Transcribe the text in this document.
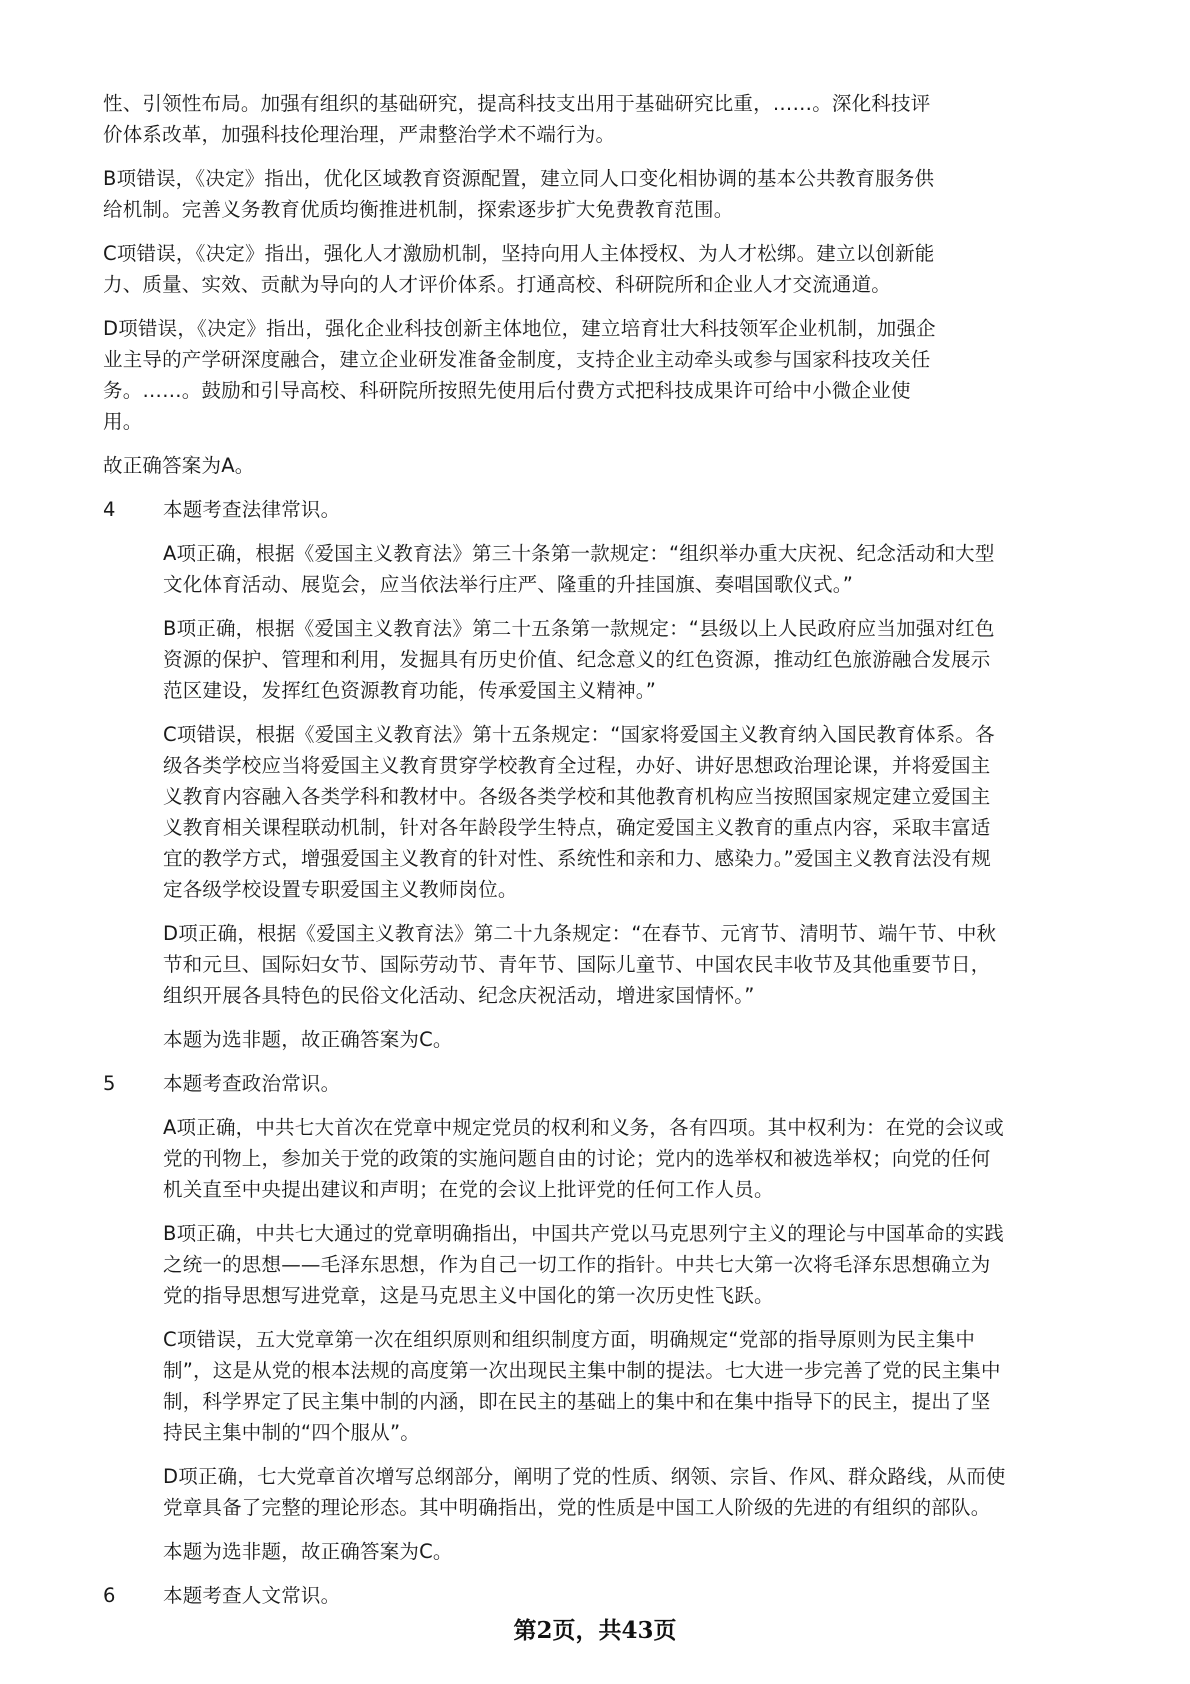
性、引领性布局。加强有组织的基础研究，提高科技支出用于基础研究比重，……。深化科技评
价体系改革，加强科技伦理治理，严肃整治学术不端行为。

B项错误，《决定》指出，优化区域教育资源配置，建立同人口变化相协调的基本公共教育服务供
给机制。完善义务教育优质均衡推进机制，探索逐步扩大免费教育范围。

C项错误，《决定》指出，强化人才激励机制，坚持向用人主体授权、为人才松绑。建立以创新能
力、质量、实效、贡献为导向的人才评价体系。打通高校、科研院所和企业人才交流通道。

D项错误，《决定》指出，强化企业科技创新主体地位，建立培育壮大科技领军企业机制，加强企
业主导的产学研深度融合，建立企业研发准备金制度，支持企业主动牵头或参与国家科技攻关任
务。……。鼓励和引导高校、科研院所按照先使用后付费方式把科技成果许可给中小微企业使
用。

故正确答案为A。

4	本题考查法律常识。

A项正确，根据《爱国主义教育法》第三十条第一款规定：“组织举办重大庆祝、纪念活动和大型
文化体育活动、展览会，应当依法举行庄严、隆重的升挂国旗、奏唱国歌仪式。”

B项正确，根据《爱国主义教育法》第二十五条第一款规定：“县级以上人民政府应当加强对红色
资源的保护、管理和利用，发掘具有历史价值、纪念意义的红色资源，推动红色旅游融合发展示
范区建设，发挥红色资源教育功能，传承爱国主义精神。”

C项错误，根据《爱国主义教育法》第十五条规定：“国家将爱国主义教育纳入国民教育体系。各
级各类学校应当将爱国主义教育贯穿学校教育全过程，办好、讲好思想政治理论课，并将爱国主
义教育内容融入各类学科和教材中。各级各类学校和其他教育机构应当按照国家规定建立爱国主
义教育相关课程联动机制，针对各年龄段学生特点，确定爱国主义教育的重点内容，采取丰富适
宜的教学方式，增强爱国主义教育的针对性、系统性和亲和力、感染力。”爱国主义教育法没有规
定各级学校设置专职爱国主义教师岗位。

D项正确，根据《爱国主义教育法》第二十九条规定：“在春节、元宵节、清明节、端午节、中秋
节和元旦、国际妇女节、国际劳动节、青年节、国际儿童节、中国农民丰收节及其他重要节日，
组织开展各具特色的民俗文化活动、纪念庆祝活动，增进家国情怀。”

本题为选非题，故正确答案为C。

5	本题考查政治常识。

A项正确，中共七大首次在党章中规定党员的权利和义务，各有四项。其中权利为：在党的会议或
党的刊物上，参加关于党的政策的实施问题自由的讨论；党内的选举权和被选举权；向党的任何
机关直至中央提出建议和声明；在党的会议上批评党的任何工作人员。

B项正确，中共七大通过的党章明确指出，中国共产党以马克思列宁主义的理论与中国革命的实践
之统一的思想——毛泽东思想，作为自己一切工作的指针。中共七大第一次将毛泽东思想确立为
党的指导思想写进党章，这是马克思主义中国化的第一次历史性飞跃。

C项错误，五大党章第一次在组织原则和组织制度方面，明确规定“党部的指导原则为民主集中
制”，这是从党的根本法规的高度第一次出现民主集中制的提法。七大进一步完善了党的民主集中
制，科学界定了民主集中制的内涵，即在民主的基础上的集中和在集中指导下的民主，提出了坚
持民主集中制的“四个服从”。

D项正确，七大党章首次增写总纲部分，阐明了党的性质、纲领、宗旨、作风、群众路线，从而使
党章具备了完整的理论形态。其中明确指出，党的性质是中国工人阶级的先进的有组织的部队。

本题为选非题，故正确答案为C。

6	本题考查人文常识。
第2页，共43页
